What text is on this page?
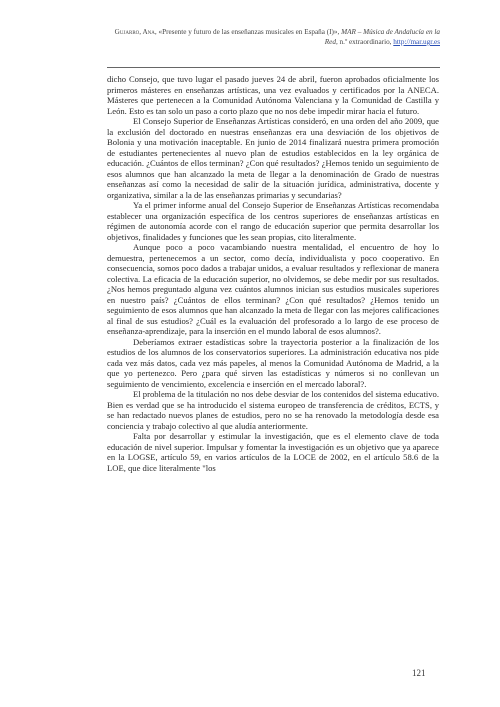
Gujarro, Ana, «Presente y futuro de las enseñanzas musicales en España (I)», MAR – Música de Andalucía en la Red, n.º extraordinario, http://mar.ugr.es

dicho Consejo, que tuvo lugar el pasado jueves 24 de abril, fueron aprobados oficialmente los primeros másteres en enseñanzas artísticas, una vez evaluados y certificados por la ANECA. Másteres que pertenecen a la Comunidad Autónoma Valenciana y la Comunidad de Castilla y León. Esto es tan solo un paso a corto plazo que no nos debe impedir mirar hacia el futuro.

El Consejo Superior de Enseñanzas Artísticas consideró, en una orden del año 2009, que la exclusión del doctorado en nuestras enseñanzas era una desviación de los objetivos de Bolonia y una motivación inaceptable. En junio de 2014 finalizará nuestra primera promoción de estudiantes pertenecientes al nuevo plan de estudios establecidos en la ley orgánica de educación. ¿Cuántos de ellos terminan? ¿Con qué resultados? ¿Hemos tenido un seguimiento de esos alumnos que han alcanzado la meta de llegar a la denominación de Grado de nuestras enseñanzas así como la necesidad de salir de la situación jurídica, administrativa, docente y organizativa, similar a la de las enseñanzas primarias y secundarias?

Ya el primer informe anual del Consejo Superior de Enseñanzas Artísticas recomendaba establecer una organización específica de los centros superiores de enseñanzas artísticas en régimen de autonomía acorde con el rango de educación superior que permita desarrollar los objetivos, finalidades y funciones que les sean propias, cito literalmente.

Aunque poco a poco vacambiando nuestra mentalidad, el encuentro de hoy lo demuestra, pertenecemos a un sector, como decía, individualista y poco cooperativo. En consecuencia, somos poco dados a trabajar unidos, a evaluar resultados y reflexionar de manera colectiva. La eficacia de la educación superior, no olvidemos, se debe medir por sus resultados. ¿Nos hemos preguntado alguna vez cuántos alumnos inician sus estudios musicales superiores en nuestro país? ¿Cuántos de ellos terminan? ¿Con qué resultados? ¿Hemos tenido un seguimiento de esos alumnos que han alcanzado la meta de llegar con las mejores calificaciones al final de sus estudios? ¿Cuál es la evaluación del profesorado a lo largo de ese proceso de enseñanza-aprendizaje, para la inserción en el mundo laboral de esos alumnos?.

Deberíamos extraer estadísticas sobre la trayectoria posterior a la finalización de los estudios de los alumnos de los conservatorios superiores. La administración educativa nos pide cada vez más datos, cada vez más papeles, al menos la Comunidad Autónoma de Madrid, a la que yo pertenezco. Pero ¿para qué sirven las estadísticas y números si no conllevan un seguimiento de vencimiento, excelencia e inserción en el mercado laboral?.

El problema de la titulación no nos debe desviar de los contenidos del sistema educativo. Bien es verdad que se ha introducido el sistema europeo de transferencia de créditos, ECTS, y se han redactado nuevos planes de estudios, pero no se ha renovado la metodología desde esa conciencia y trabajo colectivo al que aludía anteriormente.

Falta por desarrollar y estimular la investigación, que es el elemento clave de toda educación de nivel superior. Impulsar y fomentar la investigación es un objetivo que ya aparece en la LOGSE, artículo 59, en varios artículos de la LOCE de 2002, en el artículo 58.6 de la LOE, que dice literalmente "los

121
